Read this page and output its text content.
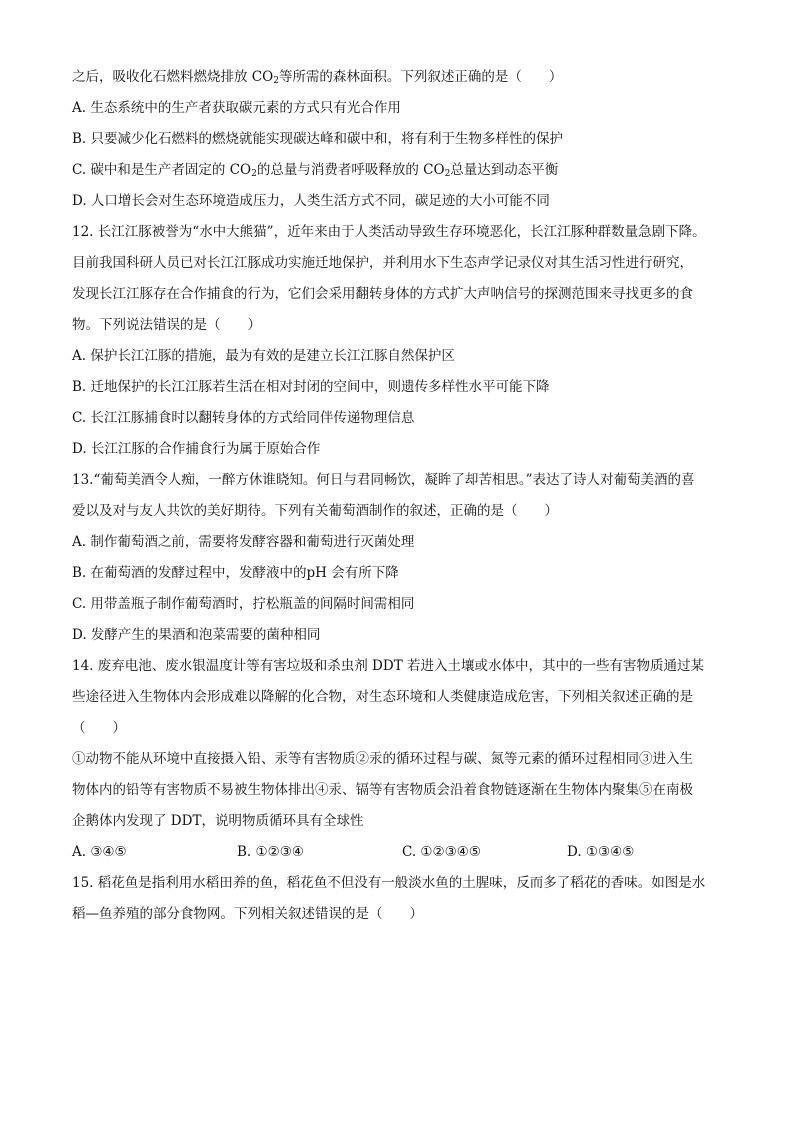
之后，吸收化石燃料燃烧排放 $CO_2$等所需的森林面积。下列叙述正确的是（　　）
A. 生态系统中的生产者获取碳元素的方式只有光合作用
B. 只要减少化石燃料的燃烧就能实现碳达峰和碳中和，将有利于生物多样性的保护
C. 碳中和是生产者固定的 $CO_2$的总量与消费者呼吸释放的 $CO_2$总量达到动态平衡
D. 人口增长会对生态环境造成压力，人类生活方式不同，碳足迹的大小可能不同
12. 长江江豚被誉为“水中大熊猫”，近年来由于人类活动导致生存环境恶化，长江江豚种群数量急剧下降。
目前我国科研人员已对长江江豚成功实施迁地保护，并利用水下生态声学记录仪对其生活习性进行研究，
发现长江江豚存在合作捕食的行为，它们会采用翻转身体的方式扩大声呐信号的探测范围来寻找更多的食
物。下列说法错误的是（　　）
A. 保护长江江豚的措施，最为有效的是建立长江江豚自然保护区
B. 迁地保护的长江江豚若生活在相对封闭的空间中，则遗传多样性水平可能下降
C. 长江江豚捕食时以翻转身体的方式给同伴传递物理信息
D. 长江江豚的合作捕食行为属于原始合作
13.“葡萄美酒令人痴，一醉方休谁晓知。何日与君同畅饮，凝眸了却苦相思。”表达了诗人对葡萄美酒的喜
爱以及对与友人共饮的美好期待。下列有关葡萄酒制作的叙述，正确的是（　　）
A. 制作葡萄酒之前，需要将发酵容器和葡萄进行灭菌处理
B. 在葡萄酒的发酵过程中，发酵液中的pH 会有所下降
C. 用带盖瓶子制作葡萄酒时，拧松瓶盖的间隔时间需相同
D. 发酵产生的果酒和泡菜需要的菌种相同
14. 废弃电池、废水银温度计等有害垃圾和杀虫剂 DDT 若进入土壤或水体中，其中的一些有害物质通过某
些途径进入生物体内会形成难以降解的化合物，对生态环境和人类健康造成危害，下列相关叙述正确的是
（　　）
①动物不能从环境中直接摄入铅、汞等有害物质②汞的循环过程与碳、氮等元素的循环过程相同③进入生
物体内的铅等有害物质不易被生物体排出④汞、镉等有害物质会沿着食物链逐渐在生物体内聚集⑤在南极
企鹅体内发现了 DDT，说明物质循环具有全球性
A. ③④⑤	B. ①②③④	C. ①②③④⑤	D. ①③④⑤
15. 稻花鱼是指利用水稻田养的鱼，稻花鱼不但没有一般淡水鱼的土腥味，反而多了稻花的香味。如图是水
稻—鱼养殖的部分食物网。下列相关叙述错误的是（　　）
